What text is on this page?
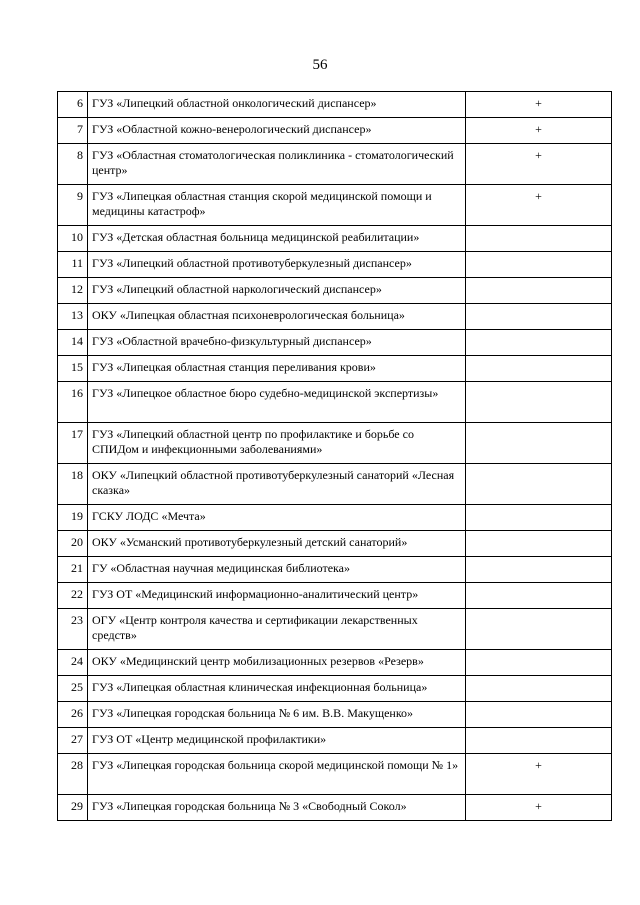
56
6	ГУЗ «Липецкий областной онкологический диспансер»	+
7	ГУЗ «Областной кожно-венерологический диспансер»	+
8	ГУЗ «Областная стоматологическая поликлиника - стоматологический центр»	+
9	ГУЗ «Липецкая областная станция скорой медицинской помощи и медицины катастроф»	+
10	ГУЗ «Детская областная больница медицинской реабилитации»	
11	ГУЗ «Липецкий областной противотуберкулезный диспансер»	
12	ГУЗ «Липецкий областной наркологический диспансер»	
13	ОКУ «Липецкая областная психоневрологическая больница»	
14	ГУЗ «Областной врачебно-физкультурный диспансер»	
15	ГУЗ «Липецкая областная станция переливания крови»	
16	ГУЗ «Липецкое областное бюро судебно-медицинской экспертизы»	
17	ГУЗ «Липецкий областной центр по профилактике и борьбе со СПИДом и инфекционными заболеваниями»	
18	ОКУ «Липецкий областной противотуберкулезный санаторий «Лесная сказка»	
19	ГСКУ ЛОДС «Мечта»	
20	ОКУ «Усманский противотуберкулезный детский санаторий»	
21	ГУ «Областная научная медицинская библиотека»	
22	ГУЗ ОТ «Медицинский информационно-аналитический центр»	
23	ОГУ «Центр контроля качества и сертификации лекарственных средств»	
24	ОКУ «Медицинский центр мобилизационных резервов «Резерв»	
25	ГУЗ «Липецкая областная клиническая инфекционная больница»	
26	ГУЗ «Липецкая городская больница № 6 им. В.В. Макущенко»	
27	ГУЗ ОТ «Центр медицинской профилактики»	
28	ГУЗ «Липецкая городская больница скорой медицинской помощи № 1»	+
29	ГУЗ «Липецкая городская больница № 3 «Свободный Сокол»	+
